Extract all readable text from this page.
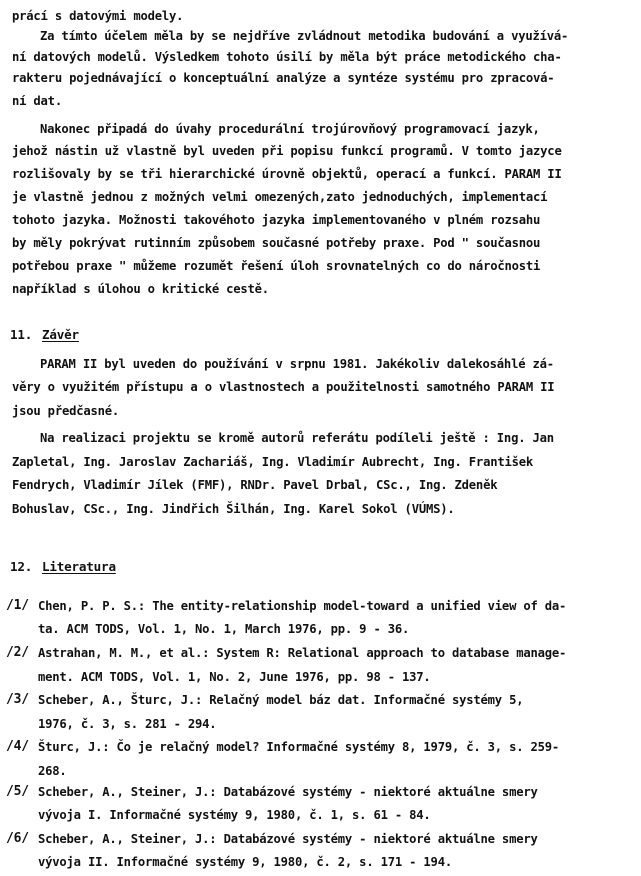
prácí s datovými modely.
Za tímto účelem měla by se nejdříve zvládnout metodika budování a využívá-
ní datových modelů. Výsledkem tohoto úsilí by měla být práce metodického cha-
rakteru pojednávající o konceptuální analýze a syntéze systému pro zpracová-
ní dat.
Nakonec připadá do úvahy procedurální trojúrovňový programovací jazyk,
jehož nástin už vlastně byl uveden při popisu funkcí programů. V tomto jazyce
rozlišovaly by se tři hierarchické úrovně objektů, operací a funkcí. PARAM II
je vlastně jednou z možných velmi omezených,zato jednoduchých, implementací
tohoto jazyka. Možnosti takovéhoto jazyka implementovaného v plném rozsahu
by měly pokrývat rutinním způsobem současné potřeby praxe. Pod " současnou
potřebou praxe " můžeme rozumět řešení úloh srovnatelných co do náročnosti
například s úlohou o kritické cestě.
11. Závěr
PARAM II byl uveden do používání v srpnu 1981. Jakékoliv dalekosáhlé zá-
věry o využitém přístupu a o vlastnostech a použitelnosti samotného PARAM II
jsou předčasné.
Na realizaci projektu se kromě autorů referátu podíleli ještě : Ing. Jan
Zapletal, Ing. Jaroslav Zachariáš, Ing. Vladimír Aubrecht, Ing. František
Fendrych, Vladimír Jílek (FMF), RNDr. Pavel Drbal, CSc., Ing. Zdeněk
Bohuslav, CSc., Ing. Jindřich Šilhán, Ing. Karel Sokol (VÚMS).
12. Literatura
/1/ Chen, P. P. S.: The entity-relationship model-toward a unified view of da-
ta. ACM TODS, Vol. 1, No. 1, March 1976, pp. 9 - 36.
/2/ Astrahan, M. M., et al.: System R: Relational approach to database manage-
ment. ACM TODS, Vol. 1, No. 2, June 1976, pp. 98 - 137.
/3/ Scheber, A., Šturc, J.: Relačný model báz dat. Informačné systémy 5,
1976, č. 3, s. 281 - 294.
/4/ Šturc, J.: Čo je relačný model? Informačné systémy 8, 1979, č. 3, s. 259-
268.
/5/ Scheber, A., Steiner, J.: Databázové systémy - niektoré aktuálne smery
vývoja I. Informačné systémy 9, 1980, č. 1, s. 61 - 84.
/6/ Scheber, A., Steiner, J.: Databázové systémy - niektoré aktuálne smery
vývoja II. Informačné systémy 9, 1980, č. 2, s. 171 - 194.
